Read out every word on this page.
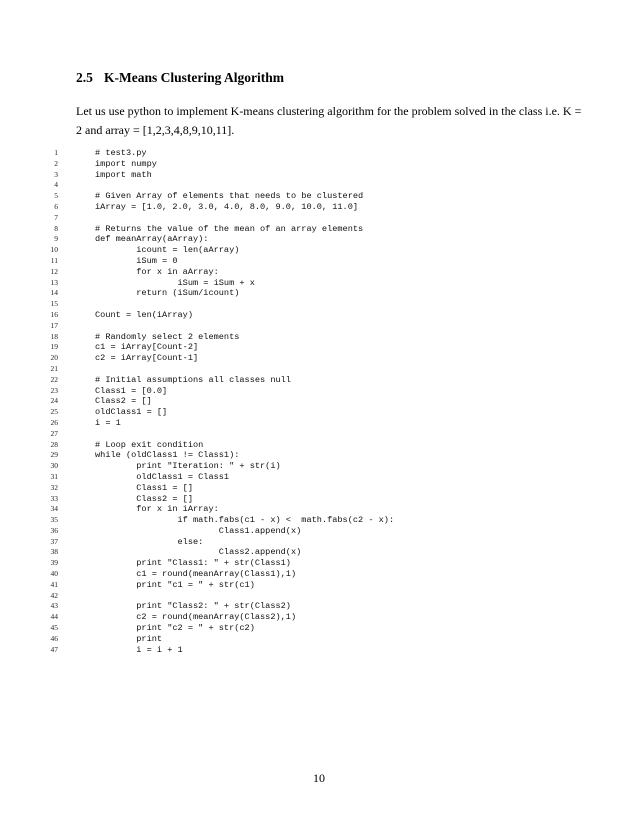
2.5 K-Means Clustering Algorithm
Let us use python to implement K-means clustering algorithm for the problem solved in the class i.e. K = 2 and array = [1,2,3,4,8,9,10,11].
1	# test3.py
2	import numpy
3	import math
4
5	# Given Array of elements that needs to be clustered
6	iArray = [1.0, 2.0, 3.0, 4.0, 8.0, 9.0, 10.0, 11.0]
7
8	# Returns the value of the mean of an array elements
9	def meanArray(aArray):
10	icount = len(aArray)
11	iSum = 0
12	for x in aArray:
13	iSum = iSum + x
14	return (iSum/icount)
15
16	Count = len(iArray)
17
18	# Randomly select 2 elements
19	c1 = iArray[Count-2]
20	c2 = iArray[Count-1]
21
22	# Initial assumptions all classes null
23	Class1 = [0.0]
24	Class2 = []
25	oldClass1 = []
26	i = 1
27
28	# Loop exit condition
29	while (oldClass1 != Class1):
30	print "Iteration: " + str(i)
31	oldClass1 = Class1
32	Class1 = []
33	Class2 = []
34	for x in iArray:
35	if math.fabs(c1 - x) <  math.fabs(c2 - x):
36	Class1.append(x)
37	else:
38	Class2.append(x)
39	print "Class1: " + str(Class1)
40	c1 = round(meanArray(Class1),1)
41	print "c1 = " + str(c1)
42
43	print "Class2: " + str(Class2)
44	c2 = round(meanArray(Class2),1)
45	print "c2 = " + str(c2)
46	print
47	i = i + 1
10
